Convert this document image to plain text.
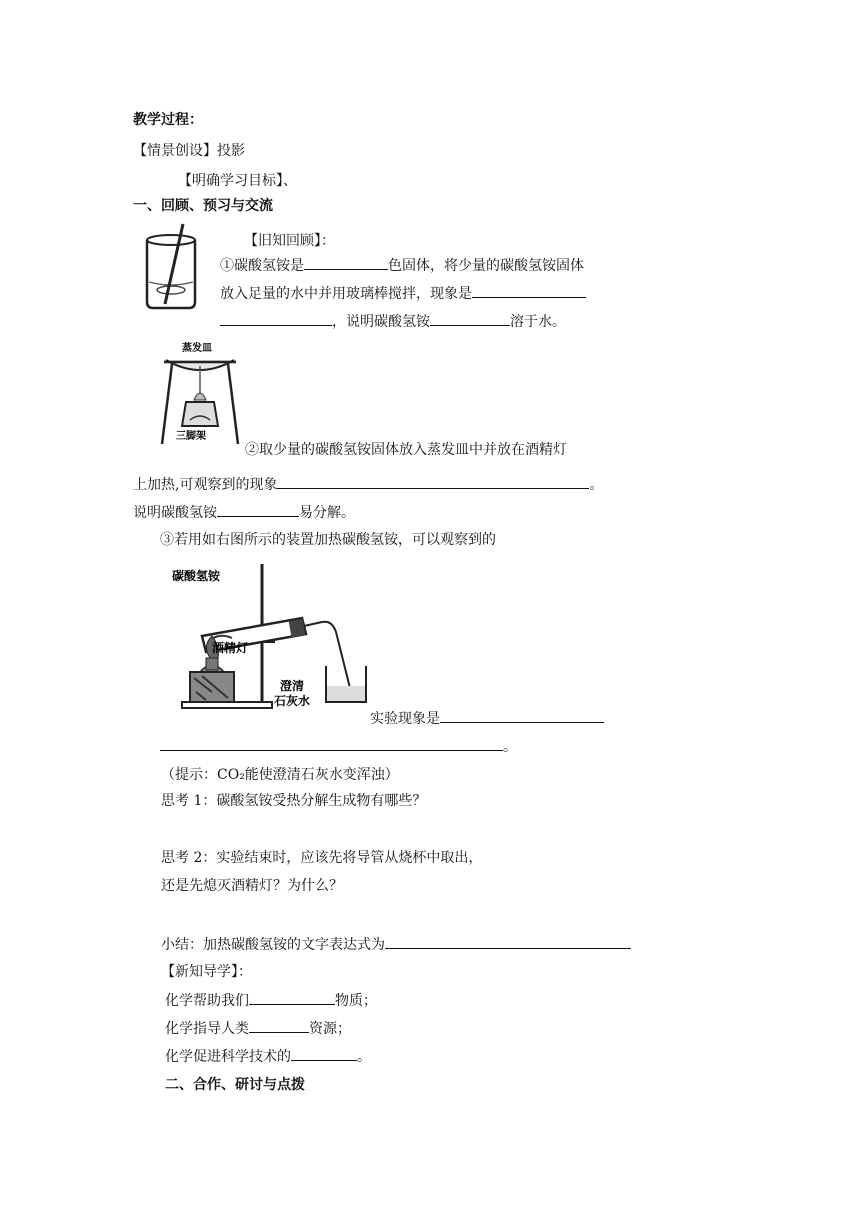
教学过程：
【情景创设】投影
【明确学习目标】、
一、回顾、预习与交流
【旧知回顾】：
①碳酸氢铵是	色固体，将少量的碳酸氢铵固体
放入足量的水中并用玻璃棒搅拌，现象是
，说明碳酸氢铵	溶于水。
蒸发皿
三脚架
②取少量的碳酸氢铵固体放入蒸发皿中并放在酒精灯
上加热,可观察到的现象	。
说明碳酸氢铵	易分解。
③若用如右图所示的装置加热碳酸氢铵，可以观察到的
碳酸氢铵
酒精灯
澄清
石灰水
实验现象是
。
（提示：CO₂能使澄清石灰水变浑浊）
思考 1：碳酸氢铵受热分解生成物有哪些？
思考 2：实验结束时，应该先将导管从烧杯中取出，
还是先熄灭酒精灯？为什么？
小结：加热碳酸氢铵的文字表达式为
【新知导学】：
化学帮助我们	物质；
化学指导人类	资源；
化学促进科学技术的	。
二、合作、研讨与点拨
